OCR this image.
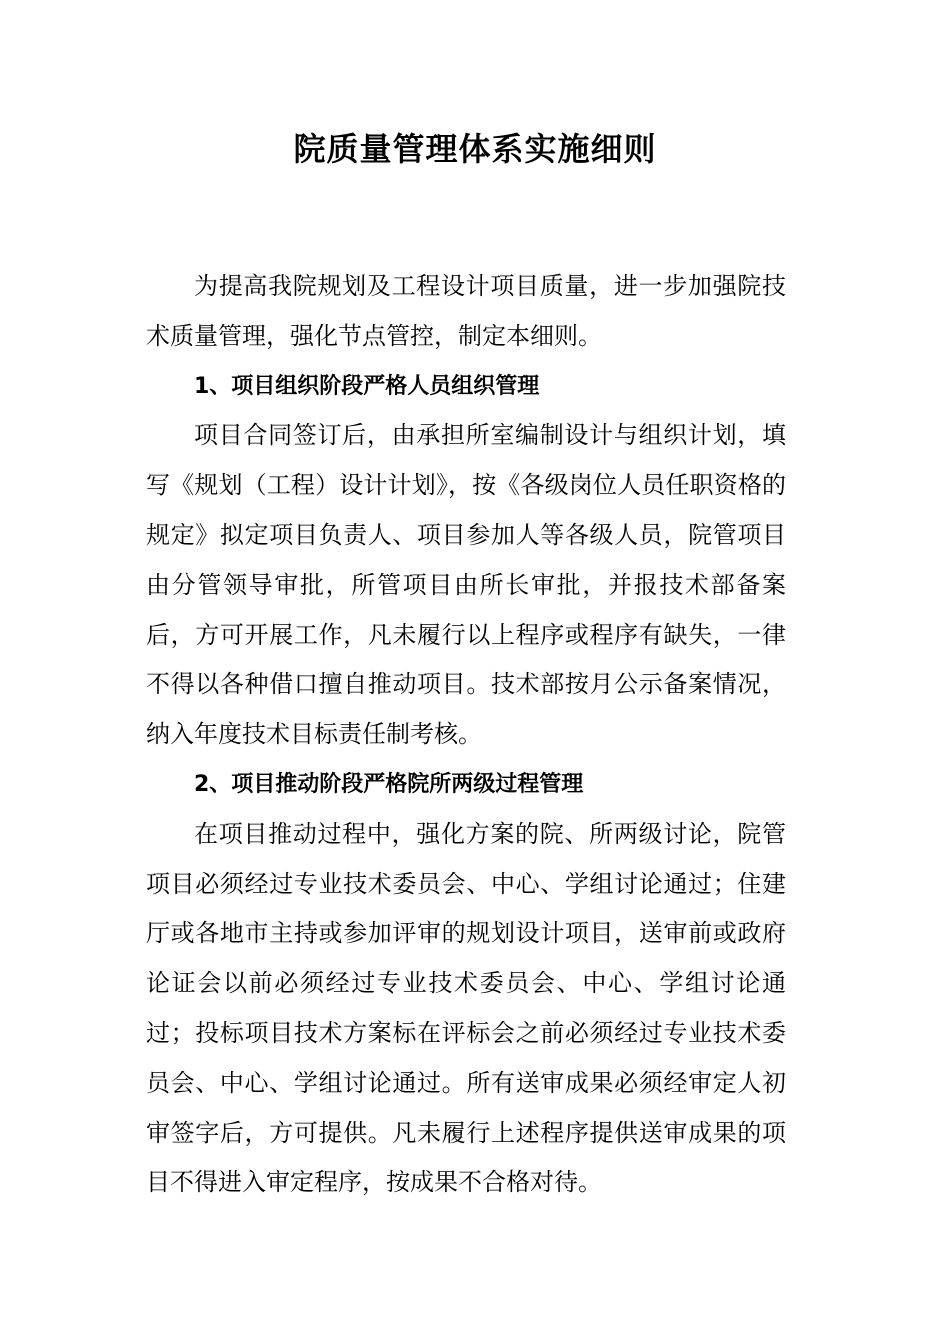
院质量管理体系实施细则

为提高我院规划及工程设计项目质量，进一步加强院技术质量管理，强化节点管控，制定本细则。

1、项目组织阶段严格人员组织管理

项目合同签订后，由承担所室编制设计与组织计划，填写《规划（工程）设计计划》，按《各级岗位人员任职资格的规定》拟定项目负责人、项目参加人等各级人员，院管项目由分管领导审批，所管项目由所长审批，并报技术部备案后，方可开展工作，凡未履行以上程序或程序有缺失，一律不得以各种借口擅自推动项目。技术部按月公示备案情况，纳入年度技术目标责任制考核。

2、项目推动阶段严格院所两级过程管理

在项目推动过程中，强化方案的院、所两级讨论，院管项目必须经过专业技术委员会、中心、学组讨论通过；住建厅或各地市主持或参加评审的规划设计项目，送审前或政府论证会以前必须经过专业技术委员会、中心、学组讨论通过；投标项目技术方案标在评标会之前必须经过专业技术委员会、中心、学组讨论通过。所有送审成果必须经审定人初审签字后，方可提供。凡未履行上述程序提供送审成果的项目不得进入审定程序，按成果不合格对待。
